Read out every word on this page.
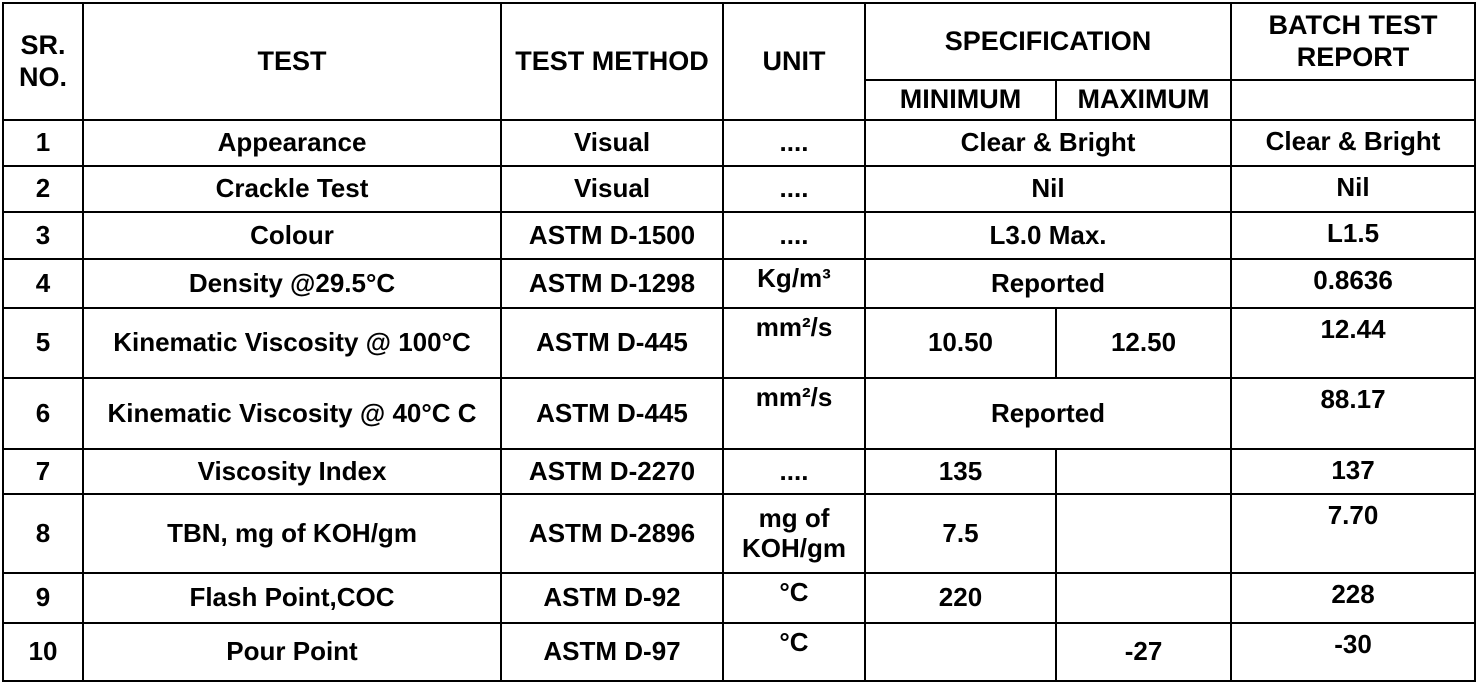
SR. NO.	TEST	TEST METHOD	UNIT	SPECIFICATION		BATCH TEST REPORT
				MINIMUM	MAXIMUM	
1	Appearance	Visual	....	Clear & Bright		Clear & Bright
2	Crackle Test	Visual	....	Nil		Nil
3	Colour	ASTM D-1500	....	L3.0 Max.		L1.5
4	Density @29.5°C	ASTM D-1298	Kg/m³	Reported		0.8636
5	Kinematic Viscosity @ 100°C	ASTM D-445	mm²/s	10.50	12.50	12.44
6	Kinematic Viscosity @ 40°C C	ASTM D-445	mm²/s	Reported		88.17
7	Viscosity Index	ASTM D-2270	....	135		137
8	TBN, mg of KOH/gm	ASTM D-2896	mg of KOH/gm	7.5		7.70
9	Flash Point,COC	ASTM D-92	°C	220		228
10	Pour Point	ASTM D-97	°C		-27	-30
